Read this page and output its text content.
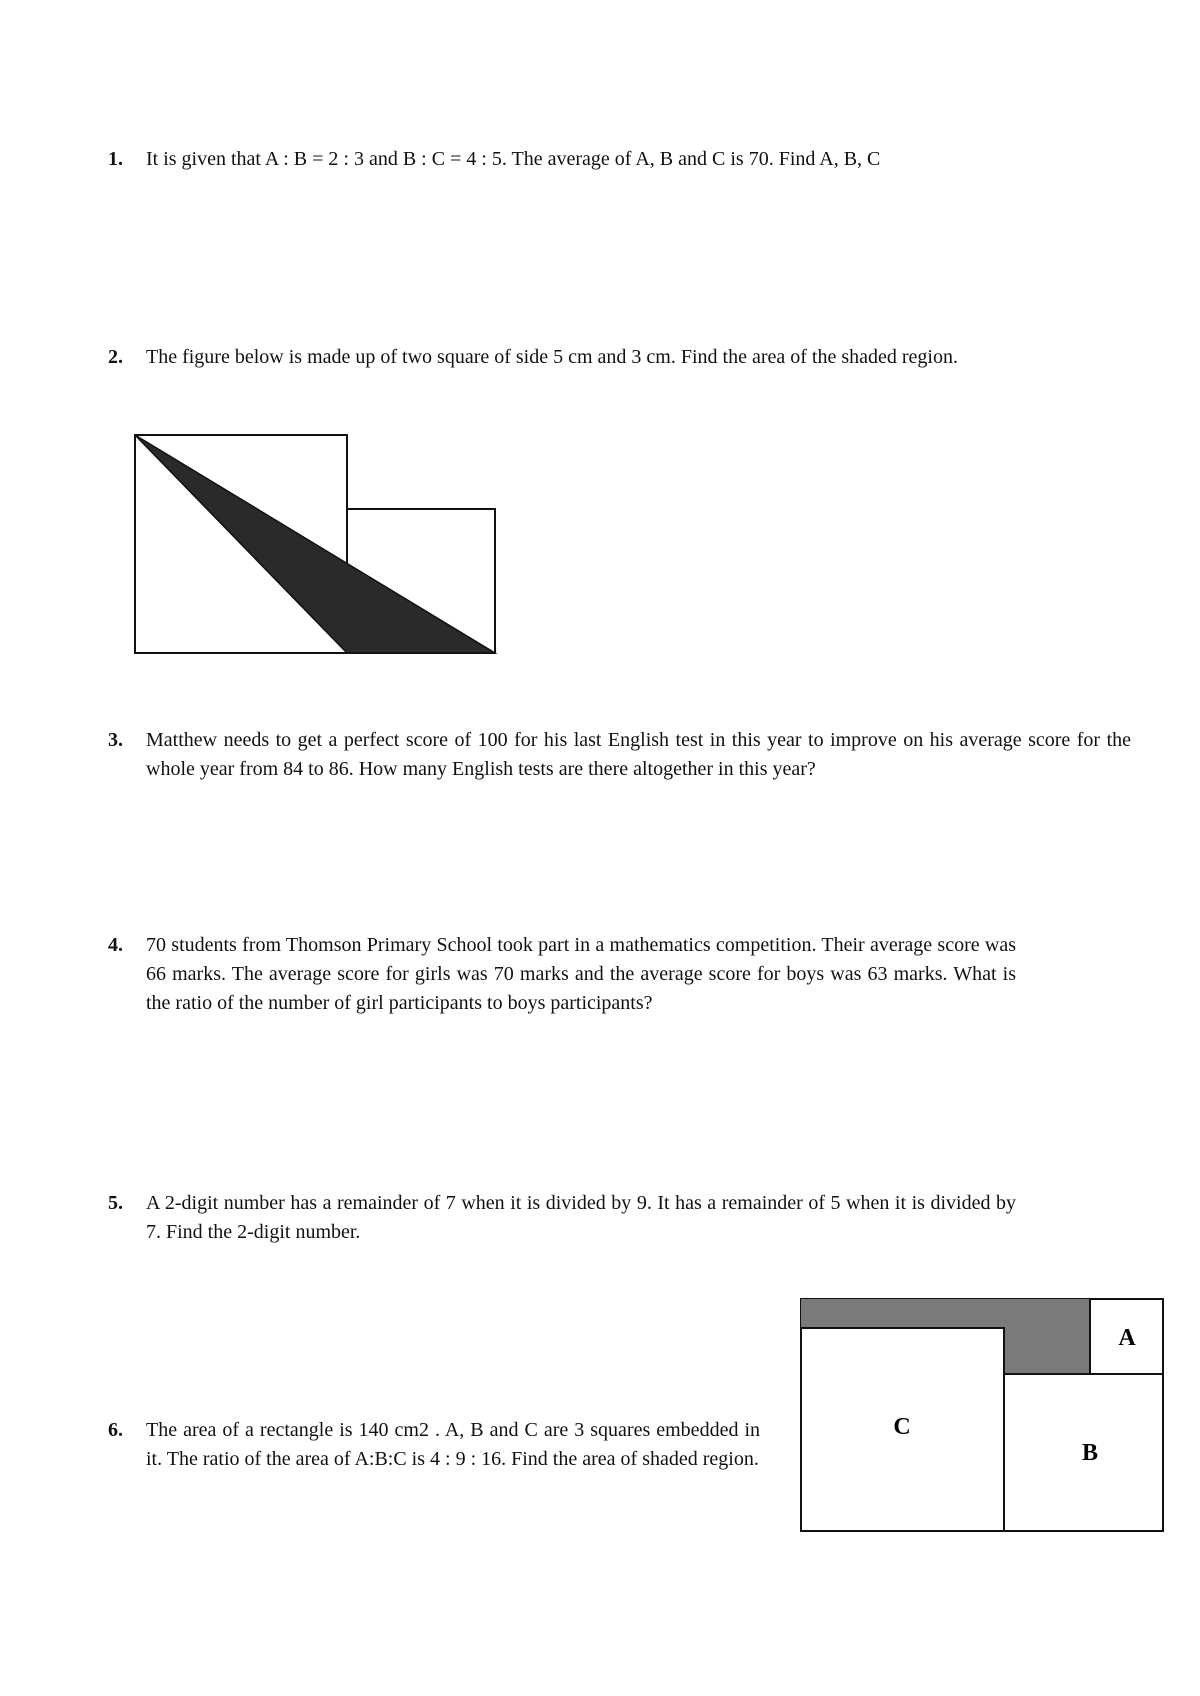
1.	It is given that A : B = 2 : 3 and B : C = 4 : 5. The average of A, B and C is 70. Find A, B, C

2.	The figure below is made up of two square of side 5 cm and 3 cm. Find the area of the shaded region.

3.	Matthew needs to get a perfect score of 100 for his last English test in this year to improve on his average score for the whole year from 84 to 86. How many English tests are there altogether in this year?

4.	70 students from Thomson Primary School took part in a mathematics competition. Their average score was 66 marks. The average score for girls was 70 marks and the average score for boys was 63 marks. What is the ratio of the number of girl participants to boys participants?

5.	A 2-digit number has a remainder of 7 when it is divided by 9. It has a remainder of 5 when it is divided by 7. Find the 2-digit number.

6.	The area of a rectangle is 140 cm2 . A, B and C are 3 squares embedded in it. The ratio of the area of A:B:C is 4 : 9 : 16. Find the area of shaded region.

A
C
B
